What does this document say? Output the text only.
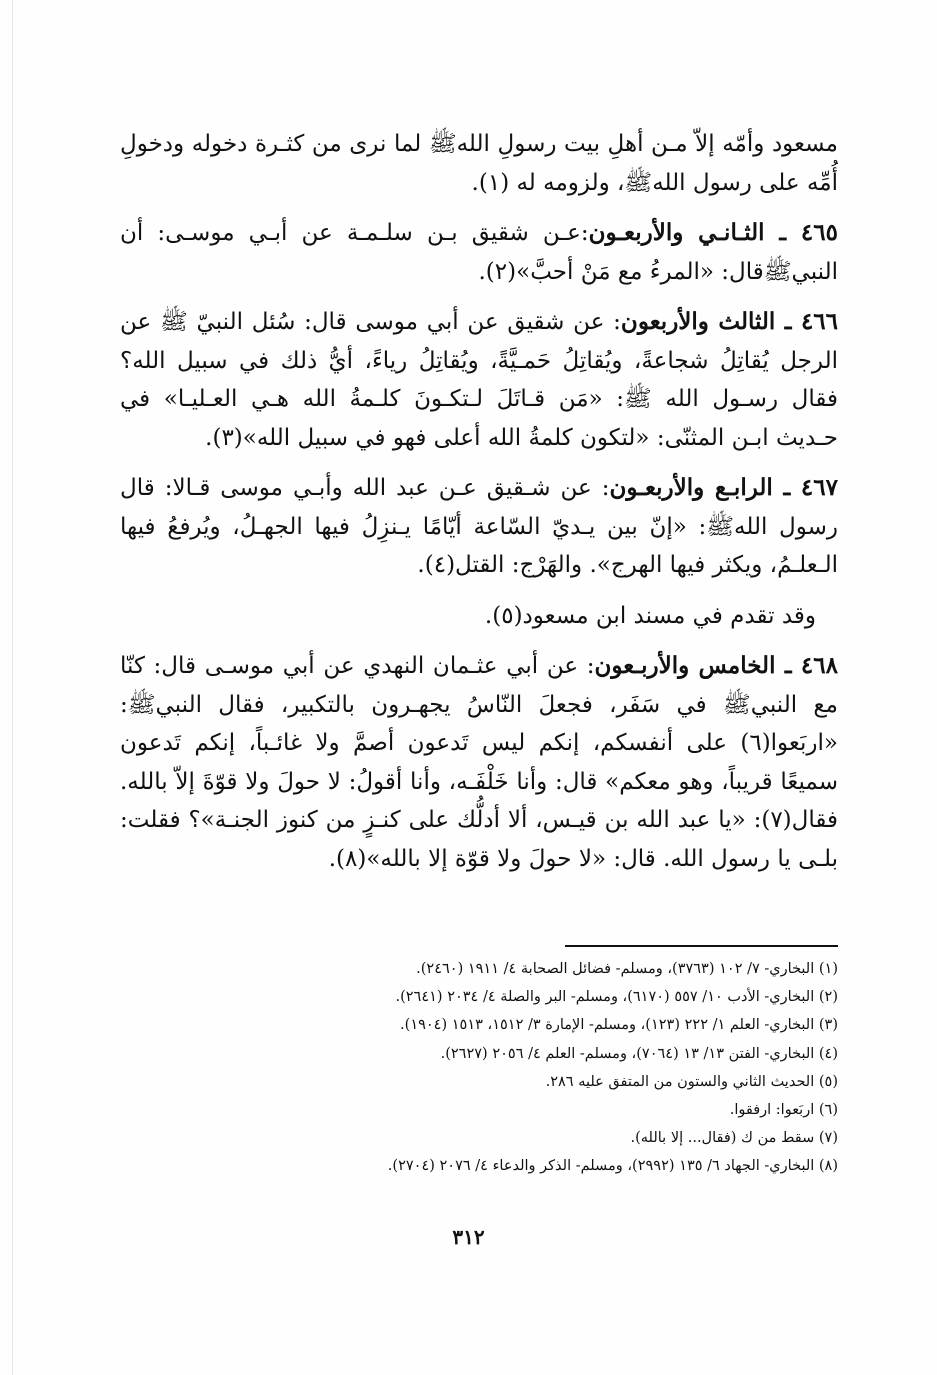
مسعود وأمّه إلاّ مـن أهلِ بيت رسولِ اللهﷺ لما نرى من كثـرة دخوله ودخولِ أُمِّه على رسول اللهﷺ، ولزومه له (١).

٤٦٥ ـ الثـانـي والأربعـون:عـن شقيق بـن سلـمـة عن أبـي موسـى: أن النبيﷺقال: «المرءُ مع مَنْ أحبَّ»(٢).

٤٦٦ ـ الثالث والأربعون: عن شقيق عن أبي موسى قال: سُئل النبيّ ﷺ عن الرجل يُقاتِلُ شجاعةً، ويُقاتِلُ حَمـيَّةً، ويُقاتِلُ رياءً، أيُّ ذلك في سبيل الله؟ فقال رسـول الله ﷺ: «مَن قـاتَلَ لـتكـونَ كلـمةُ الله هـي العـليـا» في حـديث ابـن المثنّى: «لتكون كلمةُ الله أعلى فهو في سبيل الله»(٣).

٤٦٧ ـ الرابـع والأربعـون: عن شـقيق عـن عبد الله وأبـي موسى قـالا: قال رسول اللهﷺ: «إنّ بين يـديّ السّاعة أيّامًا يـنزِلُ فيها الجهـلُ، ويُرفعُ فيها الـعلـمُ، ويكثر فيها الهرج». والهَرْج: القتل(٤).

وقد تقدم في مسند ابن مسعود(٥).

٤٦٨ ـ الخامس والأربـعون: عن أبي عثـمان النهدي عن أبي موسـى قال: كنّا مع النبيﷺ في سَفَر، فجعلَ النّاسُ يجهـرون بالتكبير، فقال النبيﷺ: «اربَعوا(٦) على أنفسكم، إنكم ليس تَدعون أصمَّ ولا غائـباً، إنكم تَدعون سميعًا قريباً، وهو معكم» قال: وأنا خَلْفَـه، وأنا أقولُ: لا حولَ ولا قوّةَ إلاّ بالله. فقال(٧): «يا عبد الله بن قيـس، ألا أدلُّك على كنـزٍ من كنوز الجنـة»؟ فقلت: بلـى يا رسول الله. قال: «لا حولَ ولا قوّة إلا بالله»(٨).

(١) البخاري- ٧/ ١٠٢ (٣٧٦٣)، ومسلم- فضائل الصحابة ٤/ ١٩١١ (٢٤٦٠).

(٢) البخاري- الأدب ١٠/ ٥٥٧ (٦١٧٠)، ومسلم- البر والصلة ٤/ ٢٠٣٤ (٢٦٤١).

(٣) البخاري- العلم ١/ ٢٢٢ (١٢٣)، ومسلم- الإمارة ٣/ ١٥١٢، ١٥١٣ (١٩٠٤).

(٤) البخاري- الفتن ١٣/ ١٣ (٧٠٦٤)، ومسلم- العلم ٤/ ٢٠٥٦ (٢٦٢٧).

(٥) الحديث الثاني والستون من المتفق عليه ٢٨٦.

(٦) اربَعوا: ارفقوا.

(٧) سقط من ك (فقال... إلا بالله).

(٨) البخاري- الجهاد ٦/ ١٣٥ (٢٩٩٢)، ومسلم- الذكر والدعاء ٤/ ٢٠٧٦ (٢٧٠٤).

٣١٢
